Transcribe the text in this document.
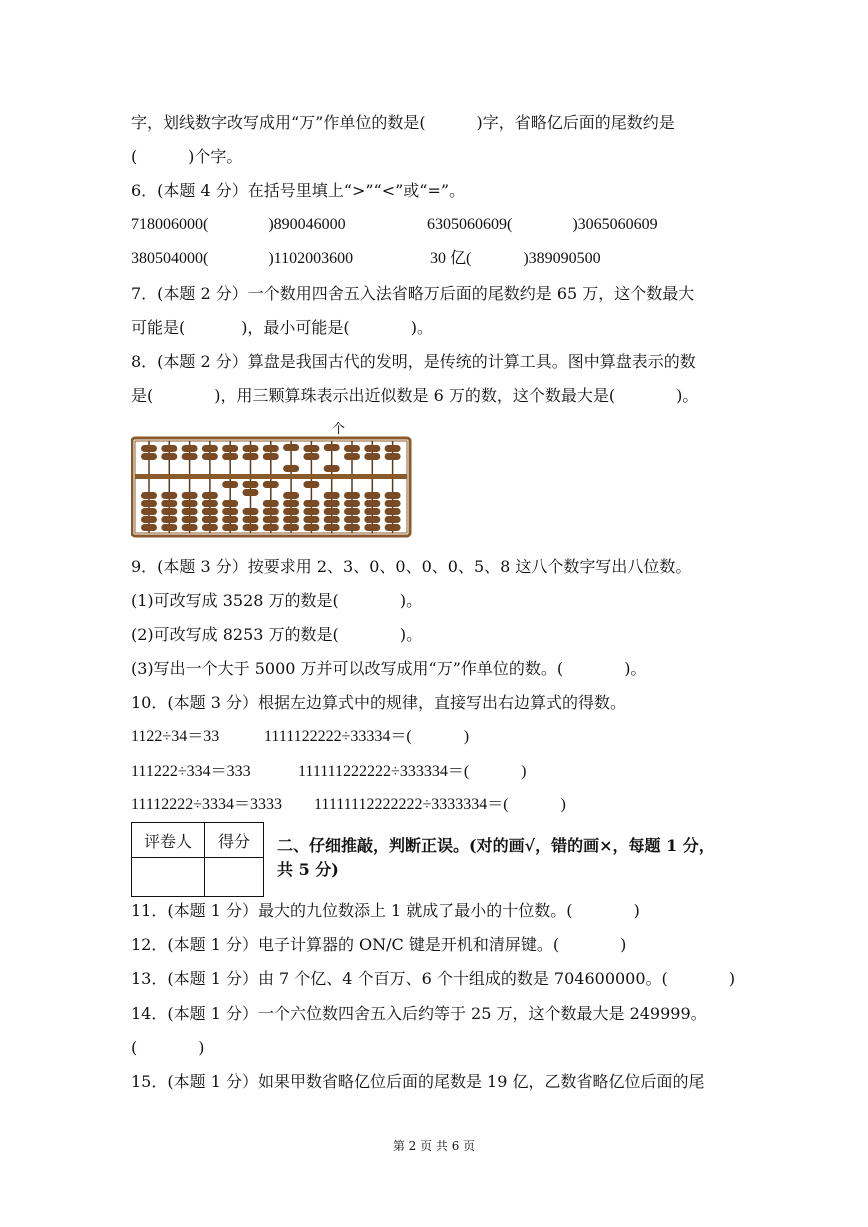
字，划线数字改写成用“万”作单位的数是(          )字，省略亿后面的尾数约是
(          )个字。
6．(本题 4 分）在括号里填上“>”“<”或“=”。
718006000(               )890046000	6305060609(               )3065060609
380504000(               )1102003600	30 亿(             )389090500
7．(本题 2 分）一个数用四舍五入法省略万后面的尾数约是 65 万，这个数最大
可能是(           )，最小可能是(            )。
8．(本题 2 分）算盘是我国古代的发明，是传统的计算工具。图中算盘表示的数
是(            )，用三颗算珠表示出近似数是 6 万的数，这个数最大是(            )。
个
9．(本题 3 分）按要求用 2、3、0、0、0、0、5、8 这八个数字写出八位数。
(1)可改写成 3528 万的数是(            )。
(2)可改写成 8253 万的数是(            )。
(3)写出一个大于 5000 万并可以改写成用“万”作单位的数。(            )。
10．(本题 3 分）根据左边算式中的规律，直接写出右边算式的得数。
1122÷34＝33	1111122222÷33334＝(             )
111222÷334＝333	111111222222÷333334＝(             )
11112222÷3334＝3333 11111112222222÷3333334＝(             )
评卷人	得分
	二、仔细推敲，判断正误。(对的画√，错的画×，每题 1 分，
共 5 分)
11．(本题 1 分）最大的九位数添上 1 就成了最小的十位数。(            )
12．(本题 1 分）电子计算器的 ON/C 键是开机和清屏键。(            )
13．(本题 1 分）由 7 个亿、4 个百万、6 个十组成的数是 704600000。(            )
14．(本题 1 分）一个六位数四舍五入后约等于 25 万，这个数最大是 249999。
(            )
15．(本题 1 分）如果甲数省略亿位后面的尾数是 19 亿，乙数省略亿位后面的尾
第 2 页 共 6 页
